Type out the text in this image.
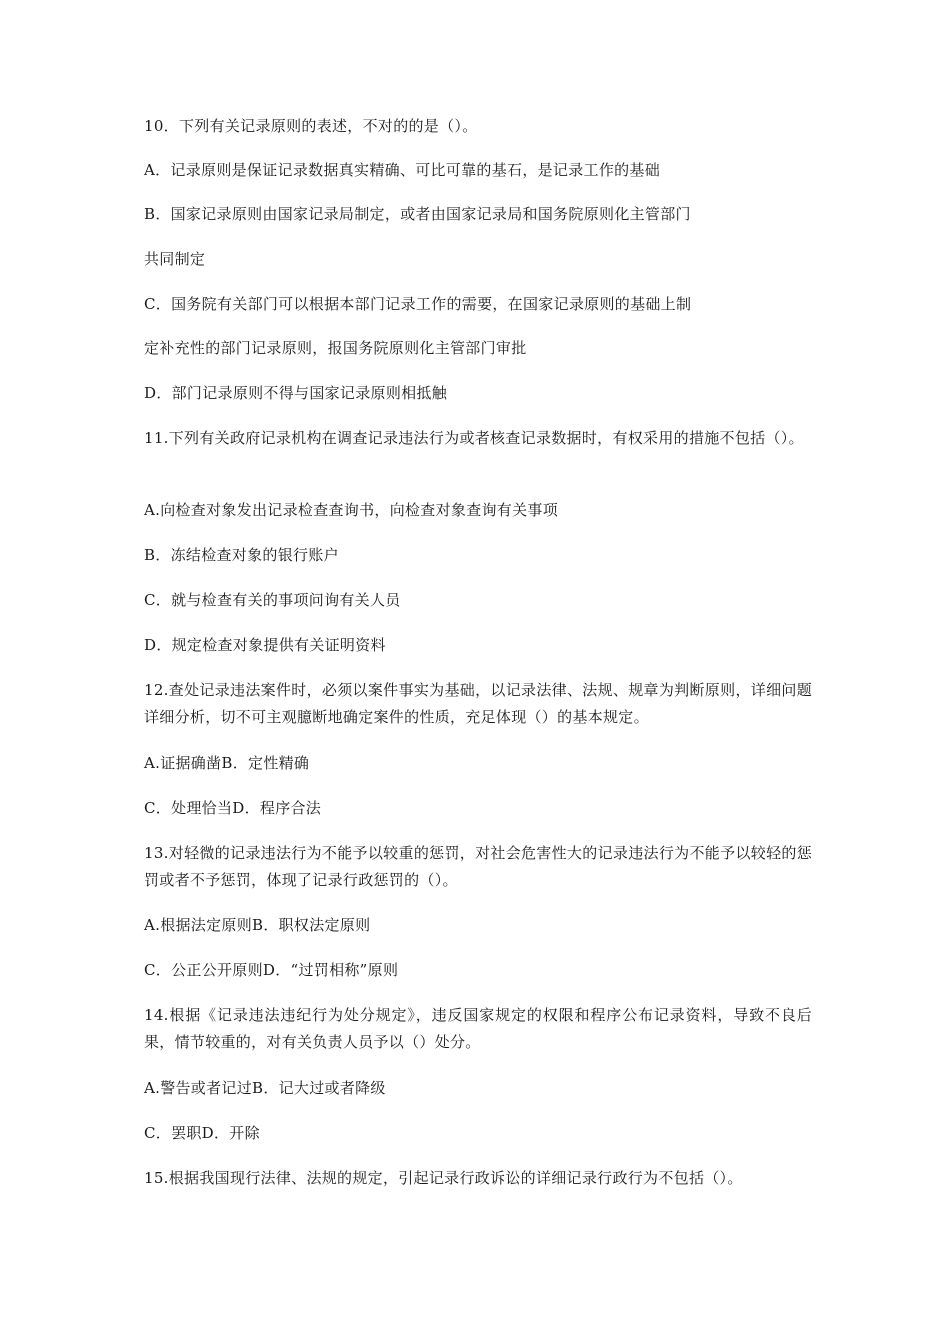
10．下列有关记录原则的表述，不对的的是（）。
A．记录原则是保证记录数据真实精确、可比可靠的基石，是记录工作的基础
B．国家记录原则由国家记录局制定，或者由国家记录局和国务院原则化主管部门
共同制定
C．国务院有关部门可以根据本部门记录工作的需要，在国家记录原则的基础上制
定补充性的部门记录原则，报国务院原则化主管部门审批
D．部门记录原则不得与国家记录原则相抵触
11.下列有关政府记录机构在调查记录违法行为或者核查记录数据时，有权采用的措施不包括（）。
A.向检查对象发出记录检查查询书，向检查对象查询有关事项
B．冻结检查对象的银行账户
C．就与检查有关的事项问询有关人员
D．规定检查对象提供有关证明资料
12.查处记录违法案件时，必须以案件事实为基础，以记录法律、法规、规章为判断原则，详细问题详细分析，切不可主观臆断地确定案件的性质，充足体现（）的基本规定。
A.证据确凿B．定性精确
C．处理恰当D．程序合法
13.对轻微的记录违法行为不能予以较重的惩罚，对社会危害性大的记录违法行为不能予以较轻的惩罚或者不予惩罚，体现了记录行政惩罚的（）。
A.根据法定原则B．职权法定原则
C．公正公开原则D．“过罚相称”原则
14.根据《记录违法违纪行为处分规定》，违反国家规定的权限和程序公布记录资料，导致不良后果，情节较重的，对有关负责人员予以（）处分。
A.警告或者记过B．记大过或者降级
C．罢职D．开除
15.根据我国现行法律、法规的规定，引起记录行政诉讼的详细记录行政行为不包括（）。
